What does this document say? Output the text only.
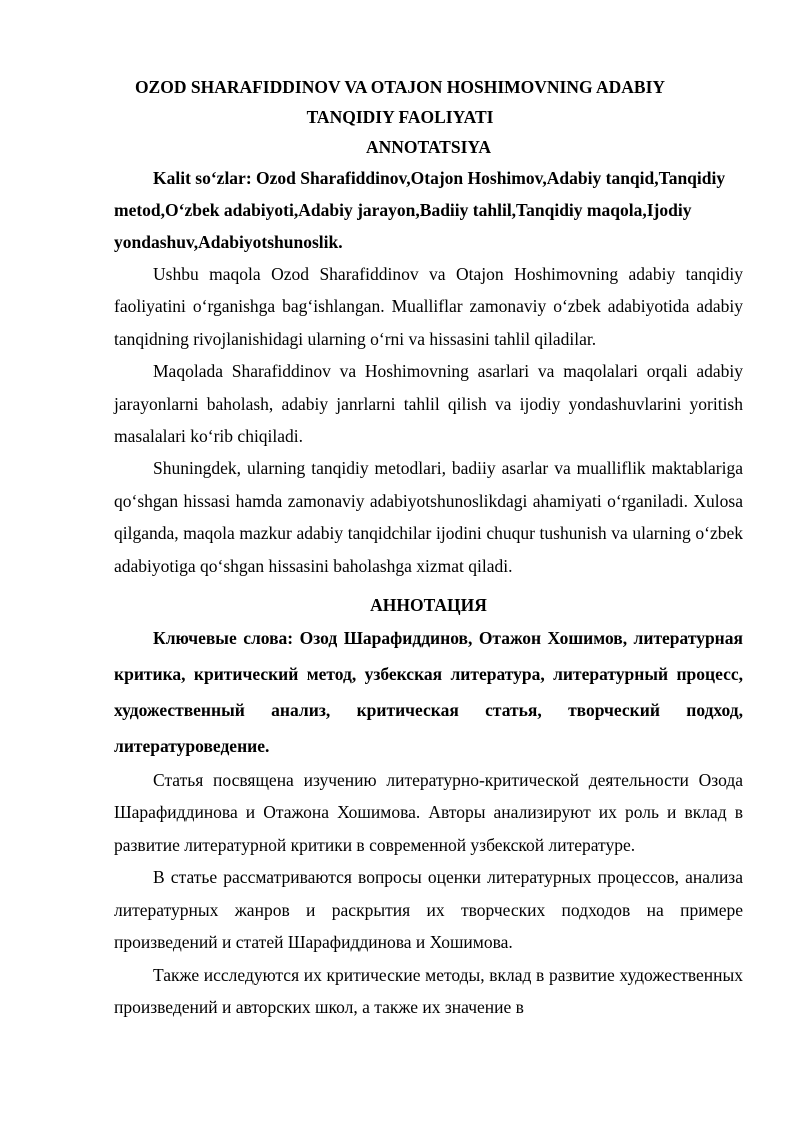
OZOD SHARAFIDDINOV VA OTAJON HOSHIMOVNING ADABIY
TANQIDIY FAOLIYATI
ANNOTATSIYA

Kalit so‘zlar: Ozod Sharafiddinov,Otajon Hoshimov,Adabiy tanqid,Tanqidiy metod,O‘zbek adabiyoti,Adabiy jarayon,Badiiy tahlil,Tanqidiy maqola,Ijodiy yondashuv,Adabiyotshunoslik.

Ushbu maqola Ozod Sharafiddinov va Otajon Hoshimovning adabiy tanqidiy faoliyatini o‘rganishga bag‘ishlangan. Mualliflar zamonaviy o‘zbek adabiyotida adabiy tanqidning rivojlanishidagi ularning o‘rni va hissasini tahlil qiladilar.

Maqolada Sharafiddinov va Hoshimovning asarlari va maqolalari orqali adabiy jarayonlarni baholash, adabiy janrlarni tahlil qilish va ijodiy yondashuvlarini yoritish masalalari ko‘rib chiqiladi.

Shuningdek, ularning tanqidiy metodlari, badiiy asarlar va mualliflik maktablariga qo‘shgan hissasi hamda zamonaviy adabiyotshunoslikdagi ahamiyati o‘rganiladi. Xulosa qilganda, maqola mazkur adabiy tanqidchilar ijodini chuqur tushunish va ularning o‘zbek adabiyotiga qo‘shgan hissasini baholashga xizmat qiladi.

АННОТАЦИЯ

Ключевые слова: Озод Шарафиддинов, Отажон Хошимов, литературная критика, критический метод, узбекская литература, литературный процесс, художественный анализ, критическая статья, творческий подход, литературоведение.

Статья посвящена изучению литературно-критической деятельности Озода Шарафиддинова и Отажона Хошимова. Авторы анализируют их роль и вклад в развитие литературной критики в современной узбекской литературе.

В статье рассматриваются вопросы оценки литературных процессов, анализа литературных жанров и раскрытия их творческих подходов на примере произведений и статей Шарафиддинова и Хошимова.

Также исследуются их критические методы, вклад в развитие художественных произведений и авторских школ, а также их значение в
